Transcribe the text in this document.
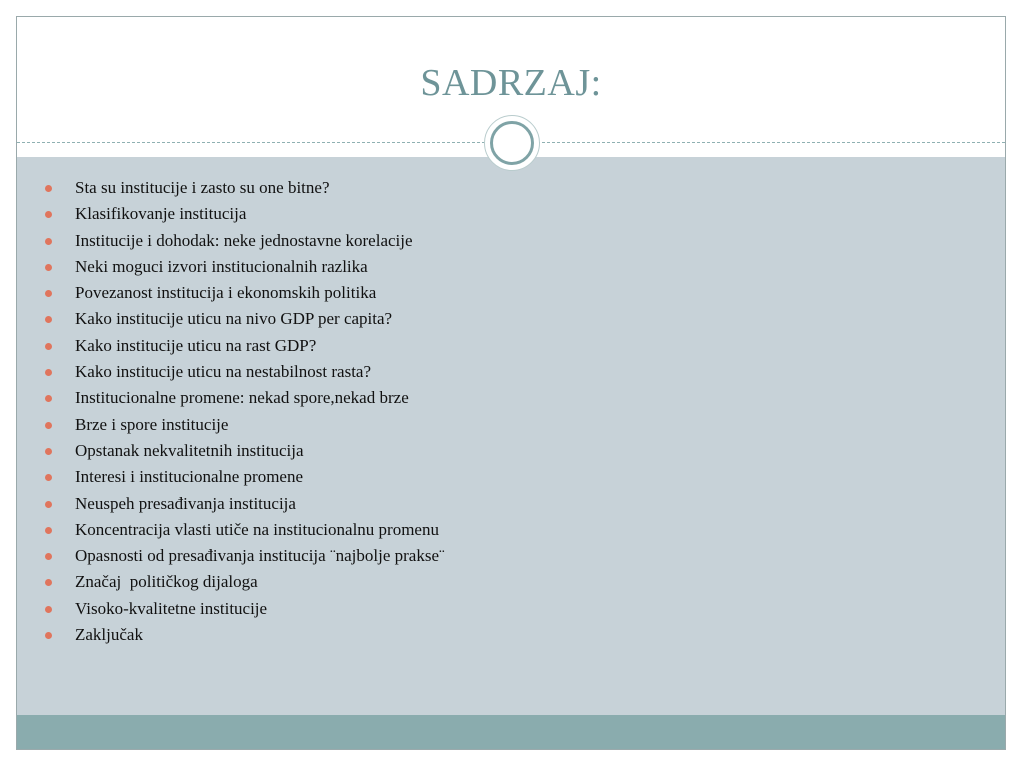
SADRZAJ:
Sta su institucije i zasto su one bitne?
Klasifikovanje institucija
Institucije i dohodak: neke jednostavne korelacije
Neki moguci izvori institucionalnih razlika
Povezanost institucija i ekonomskih politika
Kako institucije uticu na nivo GDP per capita?
Kako institucije uticu na rast GDP?
Kako institucije uticu na nestabilnost rasta?
Institucionalne promene: nekad spore,nekad brze
Brze i spore institucije
Opstanak nekvalitetnih institucija
Interesi i institucionalne promene
Neuspeh presađivanja institucija
Koncentracija vlasti utiče na institucionalnu promenu
Opasnosti od presađivanja institucija ¨najbolje prakse¨
Značaj  političkog dijaloga
Visoko-kvalitetne institucije
Zaključak
